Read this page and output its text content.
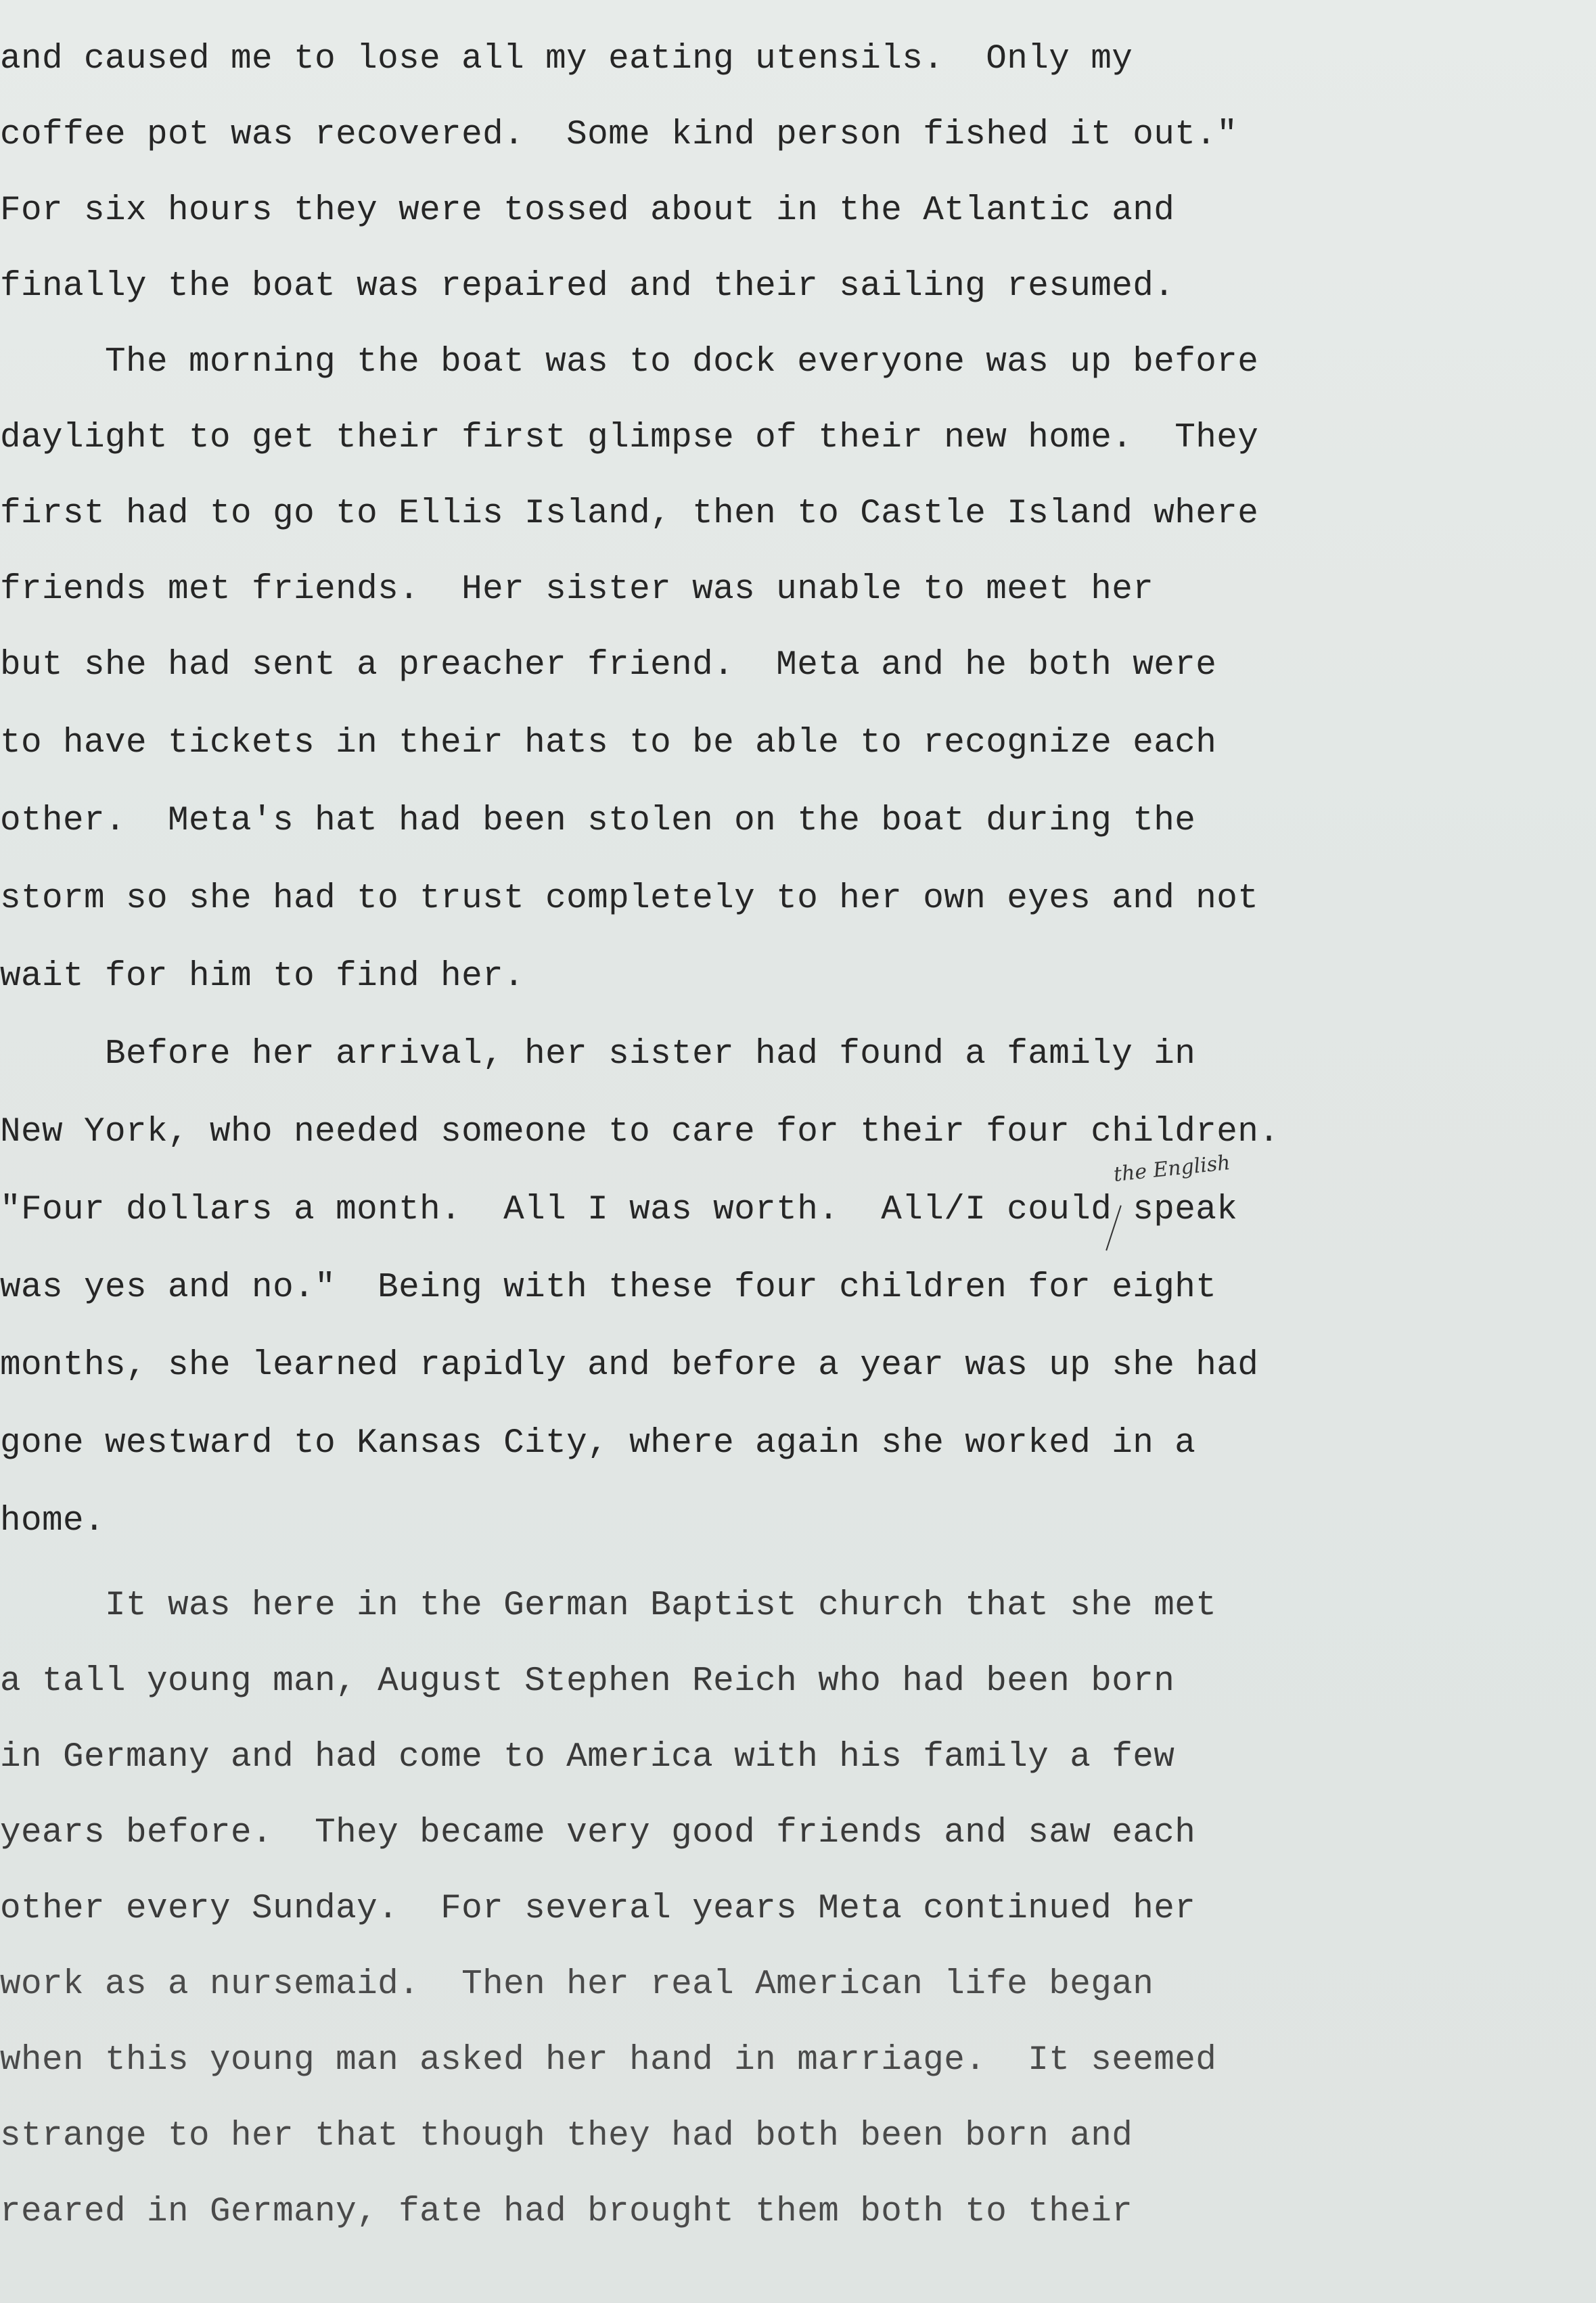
and caused me to lose all my eating utensils.  Only my
coffee pot was recovered.  Some kind person fished it out."
For six hours they were tossed about in the Atlantic and
finally the boat was repaired and their sailing resumed.
The morning the boat was to dock everyone was up before
daylight to get their first glimpse of their new home.  They
first had to go to Ellis Island, then to Castle Island where
friends met friends.  Her sister was unable to meet her
but she had sent a preacher friend.  Meta and he both were
to have tickets in their hats to be able to recognize each
other.  Meta's hat had been stolen on the boat during the
storm so she had to trust completely to her own eyes and not
wait for him to find her.
Before her arrival, her sister had found a family in
New York, who needed someone to care for their four children.
"Four dollars a month.  All I was worth.  All/I could speak
was yes and no."  Being with these four children for eight
months, she learned rapidly and before a year was up she had
gone westward to Kansas City, where again she worked in a
home.
It was here in the German Baptist church that she met
a tall young man, August Stephen Reich who had been born
in Germany and had come to America with his family a few
years before.  They became very good friends and saw each
other every Sunday.  For several years Meta continued her
work as a nursemaid.  Then her real American life began
when this young man asked her hand in marriage.  It seemed
strange to her that though they had both been born and
reared in Germany, fate had brought them both to their
the English
